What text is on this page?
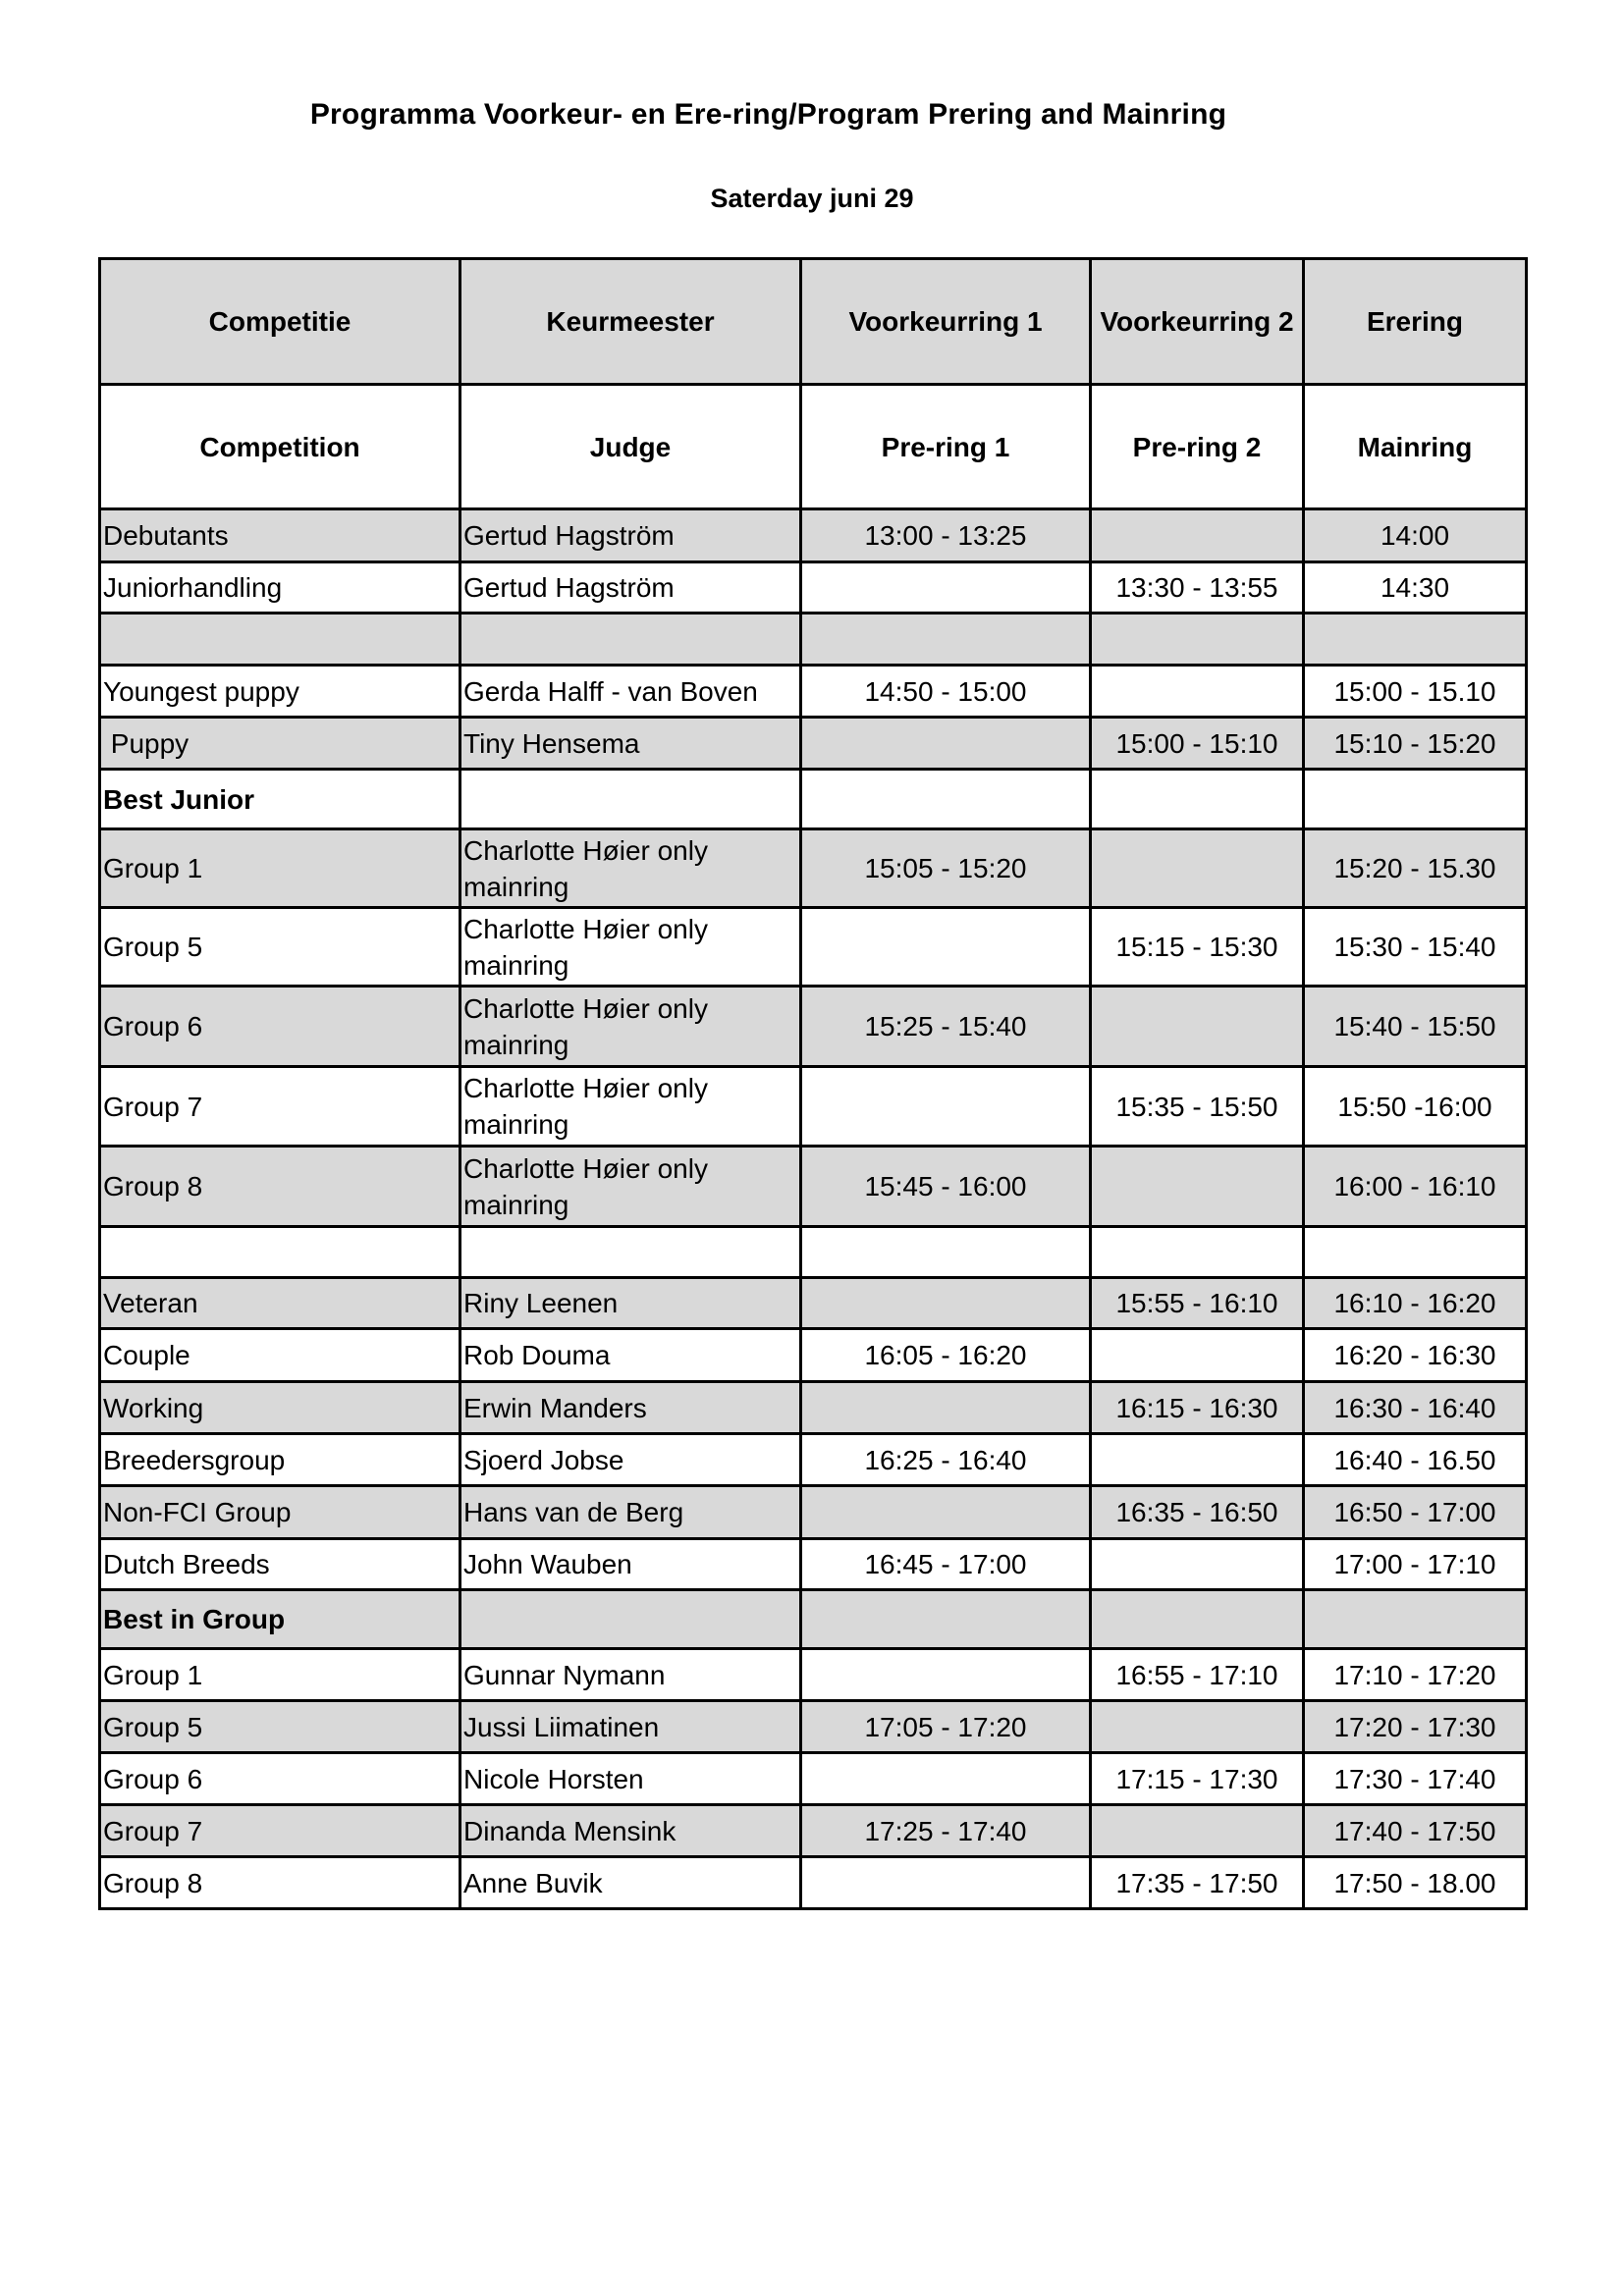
Programma Voorkeur- en Ere-ring/Program Prering and Mainring
Saterday juni 29
Competitie	Keurmeester	Voorkeurring 1	Voorkeurring 2	Erering
Competition	Judge	Pre-ring 1	Pre-ring 2	Mainring
Debutants	Gertud Hagström	13:00 - 13:25		14:00
Juniorhandling	Gertud Hagström		13:30 - 13:55	14:30

Youngest puppy	Gerda Halff - van Boven	14:50 - 15:00		15:00 - 15.10
Puppy	Tiny Hensema		15:00 - 15:10	15:10 - 15:20
Best Junior				
Group 1	Charlotte Høier only mainring	15:05 - 15:20		15:20 - 15.30
Group 5	Charlotte Høier only mainring		15:15 - 15:30	15:30 - 15:40
Group 6	Charlotte Høier only mainring	15:25 - 15:40		15:40 - 15:50
Group 7	Charlotte Høier only mainring		15:35 - 15:50	15:50 -16:00
Group 8	Charlotte Høier only mainring	15:45 - 16:00		16:00 - 16:10

Veteran	Riny Leenen		15:55 - 16:10	16:10 - 16:20
Couple	Rob Douma	16:05 - 16:20		16:20 - 16:30
Working	Erwin Manders		16:15 - 16:30	16:30 - 16:40
Breedersgroup	Sjoerd Jobse	16:25 - 16:40		16:40 - 16.50
Non-FCI Group	Hans van de Berg		16:35 - 16:50	16:50 - 17:00
Dutch Breeds	John Wauben	16:45 - 17:00		17:00 - 17:10
Best in Group				
Group 1	Gunnar Nymann		16:55 - 17:10	17:10 - 17:20
Group 5	Jussi Liimatinen	17:05 - 17:20		17:20 - 17:30
Group 6	Nicole Horsten		17:15 - 17:30	17:30 - 17:40
Group 7	Dinanda Mensink	17:25 - 17:40		17:40 - 17:50
Group 8	Anne Buvik		17:35 - 17:50	17:50 - 18.00
